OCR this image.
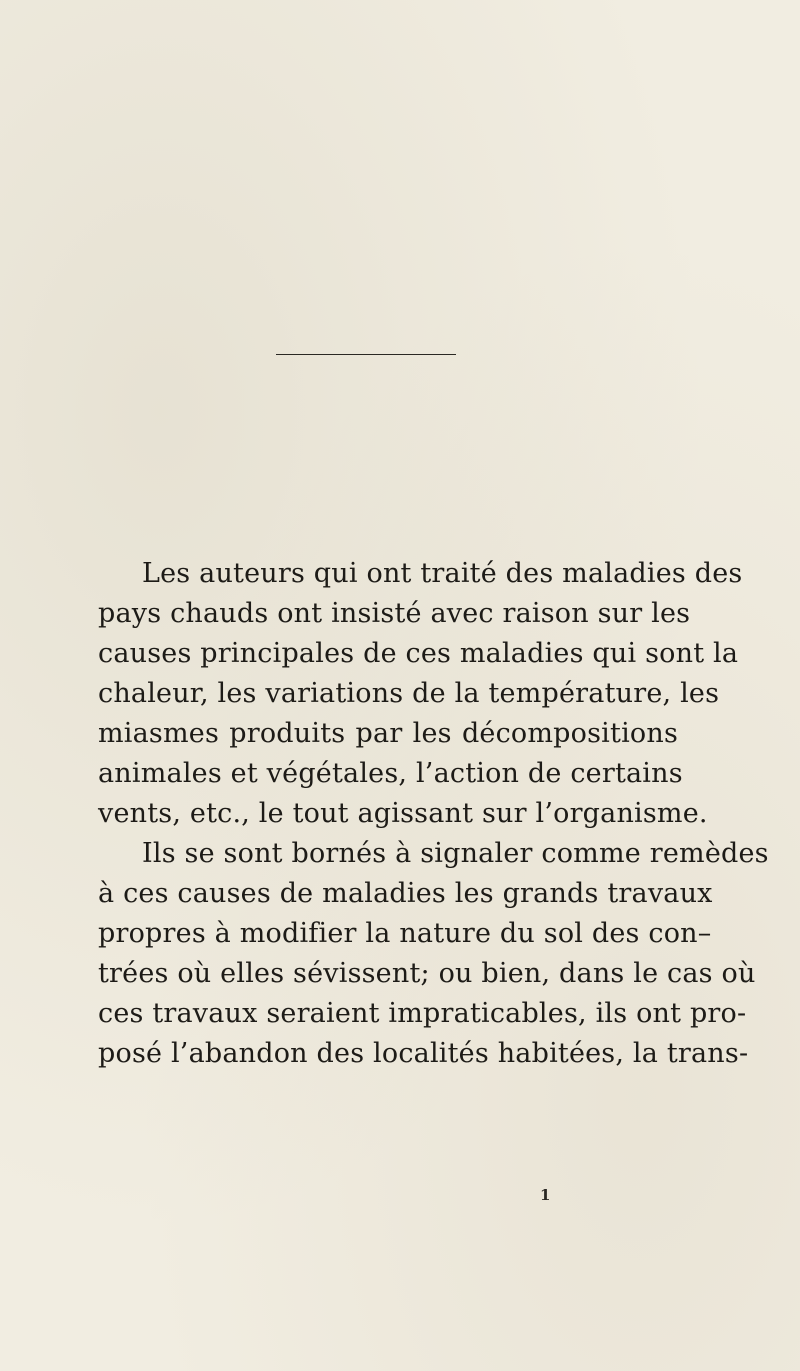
Les auteurs qui ont traité des maladies des
pays chauds ont insisté avec raison sur les
causes principales de ces maladies qui sont la
chaleur, les variations de la température, les
miasmes produits par les décompositions
animales et végétales, l’action de certains
vents, etc., le tout agissant sur l’organisme.
Ils se sont bornés à signaler comme remèdes
à ces causes de maladies les grands travaux
propres à modifier la nature du sol des con–
trées où elles sévissent; ou bien, dans le cas où
ces travaux seraient impraticables, ils ont pro-
posé l’abandon des localités habitées, la trans-
1
